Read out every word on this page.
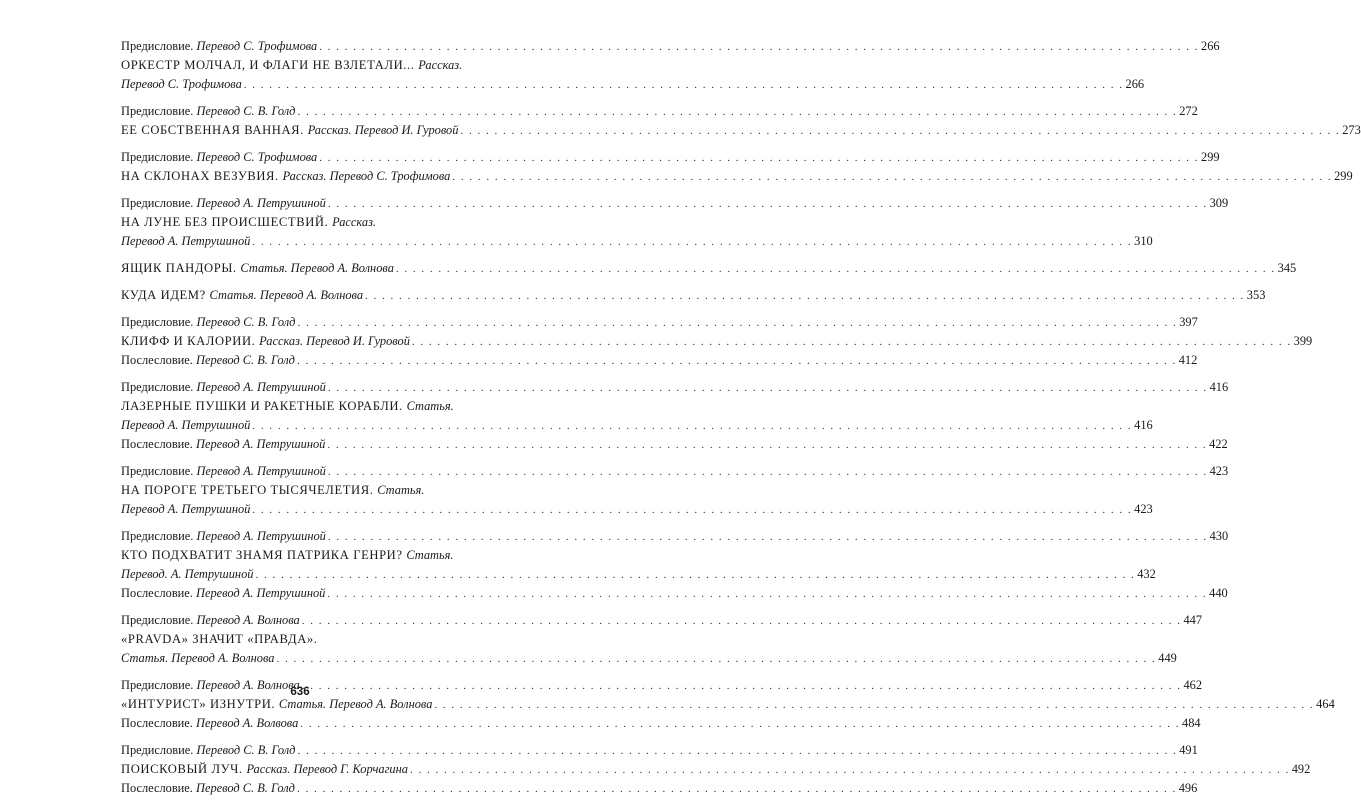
Предисловие. Перевод С. Трофимова . . .	266
ОРКЕСТР МОЛЧАЛ, И ФЛАГИ НЕ ВЗЛЕТАЛИ... Рассказ.
Перевод С. Трофимова . . .	266
Предисловие. Перевод С. В. Голд . . .	272
ЕЕ СОБСТВЕННАЯ ВАННАЯ. Рассказ. Перевод И. Гуровой . . .	273
Предисловие. Перевод С. Трофимова . . .	299
НА СКЛОНАХ ВЕЗУВИЯ. Рассказ. Перевод С. Трофимова . . .	299
Предисловие. Перевод А. Петрушиной . . .	309
НА ЛУНЕ БЕЗ ПРОИСШЕСТВИЙ. Рассказ.
Перевод А. Петрушиной . . .	310
ЯЩИК ПАНДОРЫ. Статья. Перевод А. Волнова . . .	345
КУДА ИДЕМ? Статья. Перевод А. Волнова . . .	353
Предисловие. Перевод С. В. Голд . . .	397
КЛИФФ И КАЛОРИИ. Рассказ. Перевод И. Гуровой . . .	399
Послесловие. Перевод С. В. Голд . . .	412
Предисловие. Перевод А. Петрушиной . . .	416
ЛАЗЕРНЫЕ ПУШКИ И РАКЕТНЫЕ КОРАБЛИ. Статья.
Перевод А. Петрушиной . . .	416
Послесловие. Перевод А. Петрушиной . . .	422
Предисловие. Перевод А. Петрушиной . . .	423
НА ПОРОГЕ ТРЕТЬЕГО ТЫСЯЧЕЛЕТИЯ. Статья.
Перевод А. Петрушиной . . .	423
Предисловие. Перевод А. Петрушиной . . .	430
КТО ПОДХВАТИТ ЗНАМЯ ПАТРИКА ГЕНРИ? Статья.
Перевод. А. Петрушиной . . .	432
Послесловие. Перевод А. Петрушиной . . .	440
Предисловие. Перевод А. Волнова . . .	447
«PRAVDA» ЗНАЧИТ «ПРАВДА».
Статья. Перевод А. Волнова . . .	449
Предисловие. Перевод А. Волнова . . .	462
«ИНТУРИСТ» ИЗНУТРИ. Статья. Перевод А. Волнова . . .	464
Послесловие. Перевод А. Волвова . . .	484
Предисловие. Перевод С. В. Голд . . .	491
ПОИСКОВЫЙ ЛУЧ. Рассказ. Перевод Г. Корчагина . . .	492
Послесловие. Перевод С. В. Голд . . .	496
636
